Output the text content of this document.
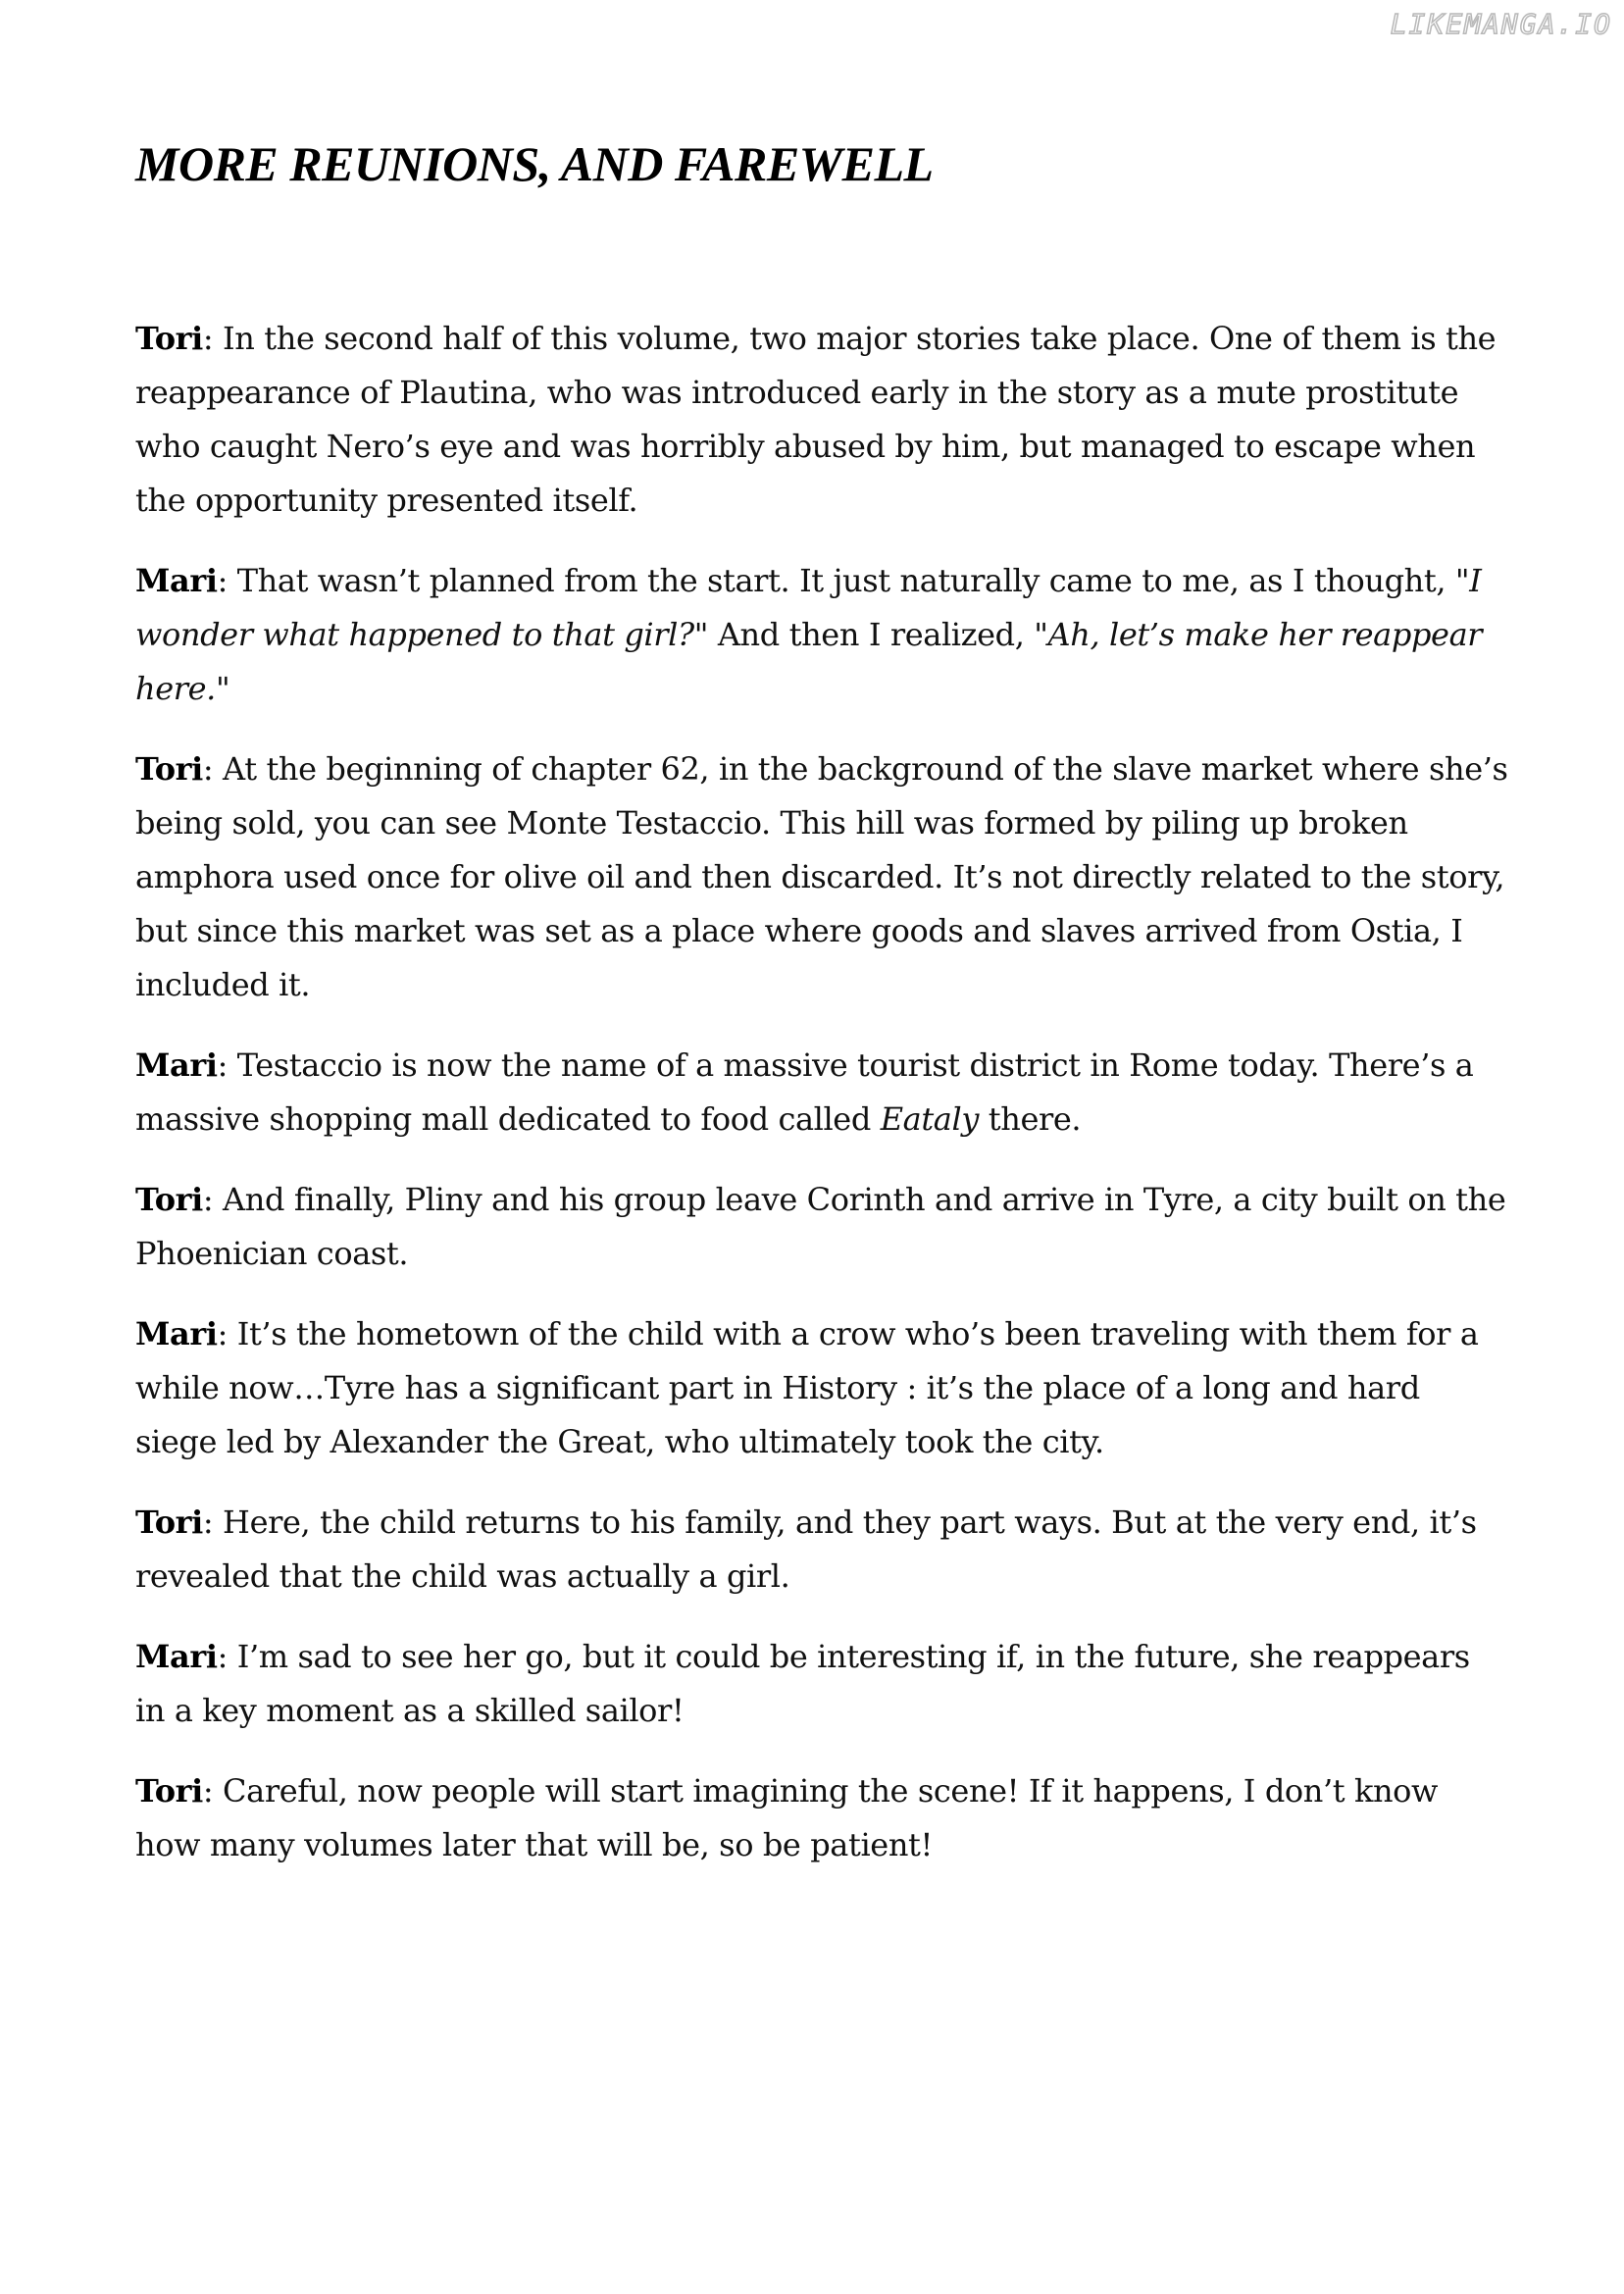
LIKEMANGA.IO
MORE REUNIONS, AND FAREWELL

Tori: In the second half of this volume, two major stories take place. One of them is the reappearance of Plautina, who was introduced early in the story as a mute prostitute who caught Nero’s eye and was horribly abused by him, but managed to escape when the opportunity presented itself.

Mari: That wasn’t planned from the start. It just naturally came to me, as I thought, "I wonder what happened to that girl?" And then I realized, "Ah, let’s make her reappear here."

Tori: At the beginning of chapter 62, in the background of the slave market where she’s being sold, you can see Monte Testaccio. This hill was formed by piling up broken amphora used once for olive oil and then discarded. It’s not directly related to the story, but since this market was set as a place where goods and slaves arrived from Ostia, I included it.

Mari: Testaccio is now the name of a massive tourist district in Rome today. There’s a massive shopping mall dedicated to food called Eataly there.

Tori: And finally, Pliny and his group leave Corinth and arrive in Tyre, a city built on the Phoenician coast.

Mari: It’s the hometown of the child with a crow who’s been traveling with them for a while now…Tyre has a significant part in History : it’s the place of a long and hard siege led by Alexander the Great, who ultimately took the city.

Tori: Here, the child returns to his family, and they part ways. But at the very end, it’s revealed that the child was actually a girl.

Mari: I’m sad to see her go, but it could be interesting if, in the future, she reappears in a key moment as a skilled sailor!

Tori: Careful, now people will start imagining the scene! If it happens, I don’t know how many volumes later that will be, so be patient!
